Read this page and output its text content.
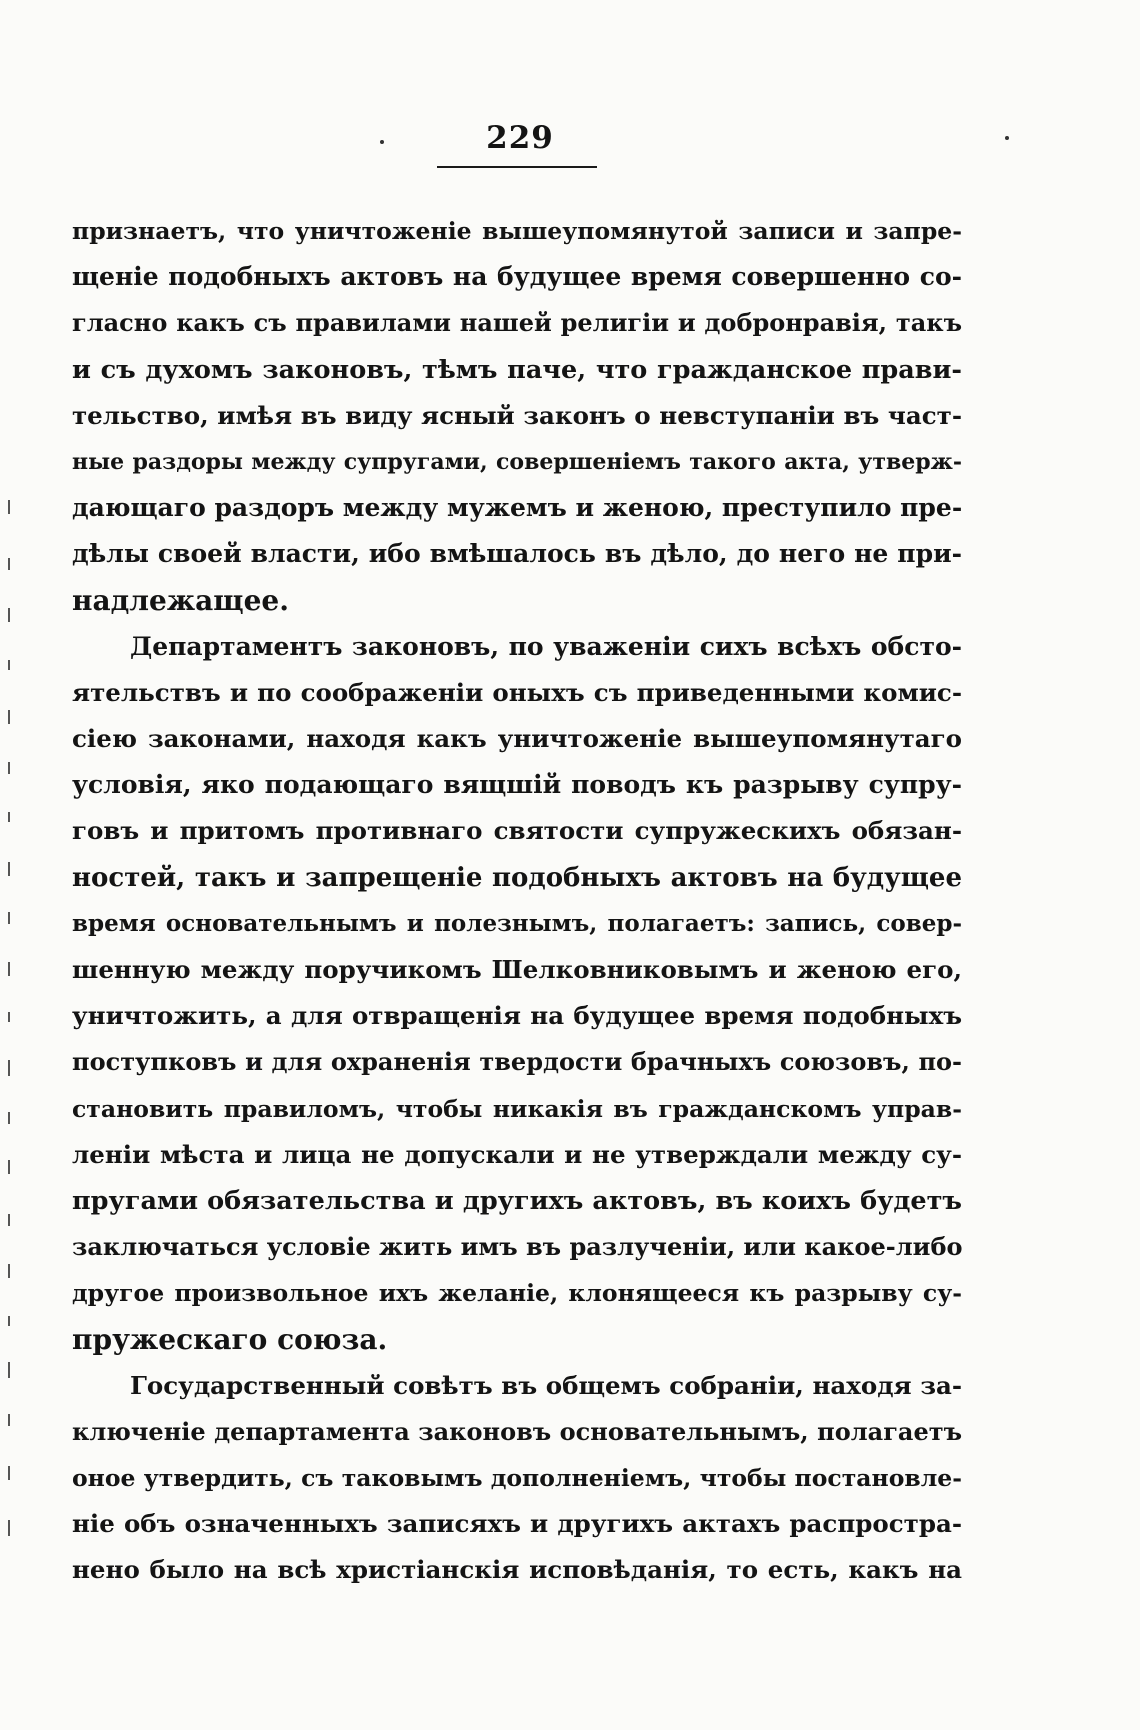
229
признаетъ, что уничтоженіе вышеупомянутой записи и запре-
щеніе подобныхъ актовъ на будущее время совершенно со-
гласно какъ съ правилами нашей религіи и добронравія, такъ
и съ духомъ законовъ, тѣмъ паче, что гражданское прави-
тельство, имѣя въ виду ясный законъ о невступаніи въ част-
ные раздоры между супругами, совершеніемъ такого акта, утверж-
дающаго раздоръ между мужемъ и женою, преступило пре-
дѣлы своей власти, ибо вмѣшалось въ дѣло, до него не при-
надлежащее.
Департаментъ законовъ, по уваженіи сихъ всѣхъ обсто-
ятельствъ и по соображеніи оныхъ съ приведенными комис-
сіею законами, находя какъ уничтоженіе вышеупомянутаго
условія, яко подающаго вящшій поводъ къ разрыву супру-
говъ и притомъ противнаго святости супружескихъ обязан-
ностей, такъ и запрещеніе подобныхъ актовъ на будущее
время основательнымъ и полезнымъ, полагаетъ: запись, совер-
шенную между поручикомъ Шелковниковымъ и женою его,
уничтожить, а для отвращенія на будущее время подобныхъ
поступковъ и для охраненія твердости брачныхъ союзовъ, по-
становить правиломъ, чтобы никакія въ гражданскомъ управ-
леніи мѣста и лица не допускали и не утверждали между су-
пругами обязательства и другихъ актовъ, въ коихъ будетъ
заключаться условіе жить имъ въ разлученіи, или какое-либо
другое произвольное ихъ желаніе, клонящееся къ разрыву су-
пружескаго союза.
Государственный совѣтъ въ общемъ собраніи, находя за-
ключеніе департамента законовъ основательнымъ, полагаетъ
оное утвердить, съ таковымъ дополненіемъ, чтобы постановле-
ніе объ означенныхъ записяхъ и другихъ актахъ распростра-
нено было на всѣ христіанскія исповѣданія, то есть, какъ на
